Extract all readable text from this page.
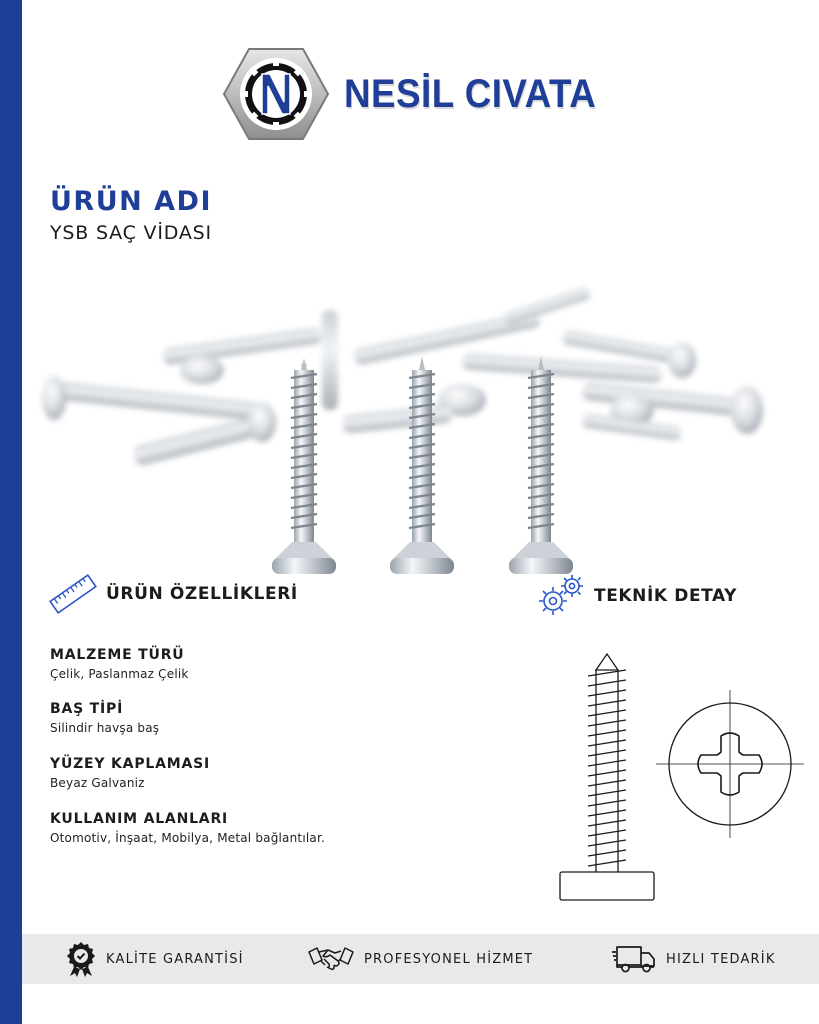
NESİL CIVATA
ÜRÜN ADI
YSB SAÇ VİDASI
ÜRÜN ÖZELLİKLERİ	TEKNİK DETAY
MALZEME TÜRÜ
Çelik, Paslanmaz Çelik
BAŞ TİPİ
Silindir havşa baş
YÜZEY KAPLAMASI
Beyaz Galvaniz
KULLANIM ALANLARI
Otomotiv, İnşaat, Mobilya, Metal bağlantılar.
KALİTE GARANTİSİ	PROFESYONEL HİZMET	HIZLI TEDARİK
